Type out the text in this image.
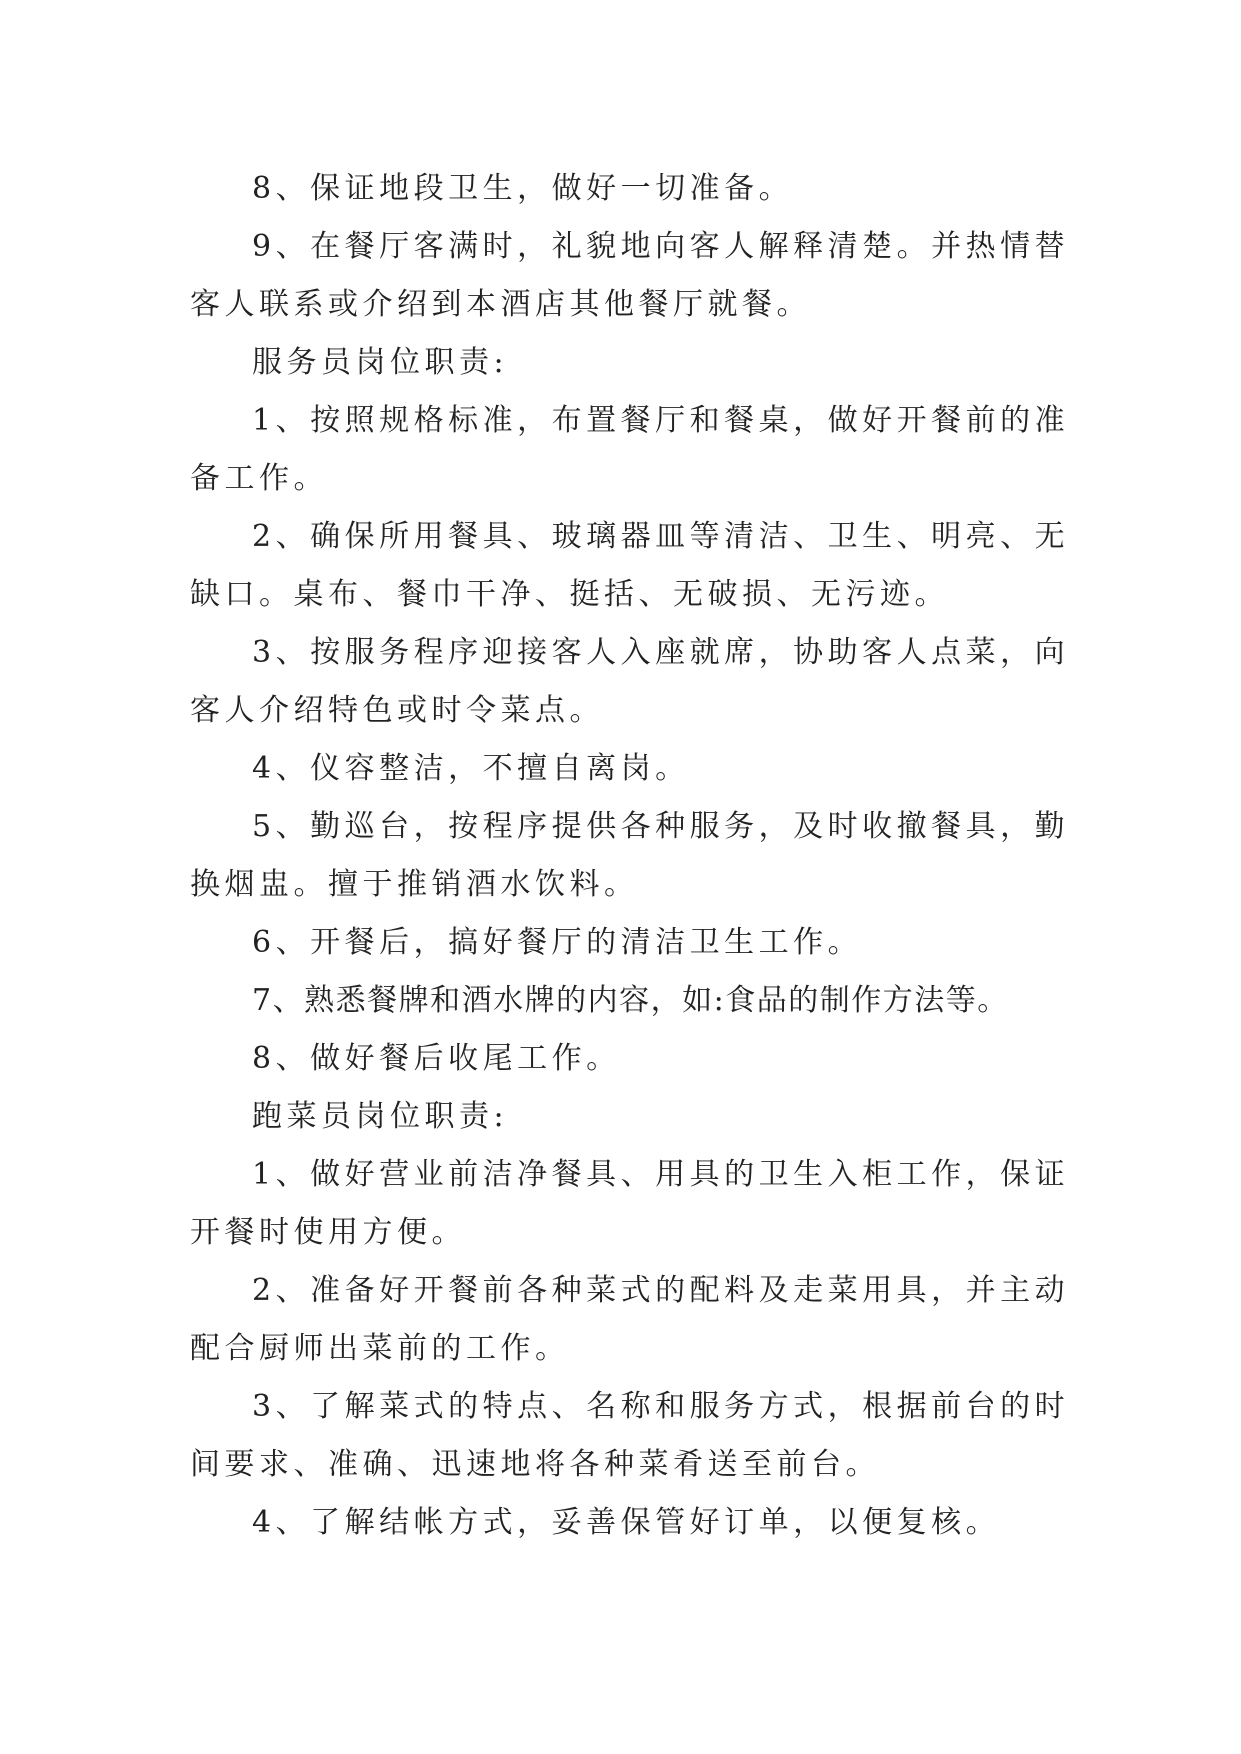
8、保证地段卫生，做好一切准备。
9、在餐厅客满时，礼貌地向客人解释清楚。并热情替
客人联系或介绍到本酒店其他餐厅就餐。
服务员岗位职责:
1、按照规格标准，布置餐厅和餐桌，做好开餐前的准
备工作。
2、确保所用餐具、玻璃器皿等清洁、卫生、明亮、无
缺口。桌布、餐巾干净、挺括、无破损、无污迹。
3、按服务程序迎接客人入座就席，协助客人点菜，向
客人介绍特色或时令菜点。
4、仪容整洁，不擅自离岗。
5、勤巡台，按程序提供各种服务，及时收撤餐具，勤
换烟盅。擅于推销酒水饮料。
6、开餐后，搞好餐厅的清洁卫生工作。
7、熟悉餐牌和酒水牌的内容，如:食品的制作方法等。
8、做好餐后收尾工作。
跑菜员岗位职责:
1、做好营业前洁净餐具、用具的卫生入柜工作，保证
开餐时使用方便。
2、准备好开餐前各种菜式的配料及走菜用具，并主动
配合厨师出菜前的工作。
3、了解菜式的特点、名称和服务方式，根据前台的时
间要求、准确、迅速地将各种菜肴送至前台。
4、了解结帐方式，妥善保管好订单，以便复核。
